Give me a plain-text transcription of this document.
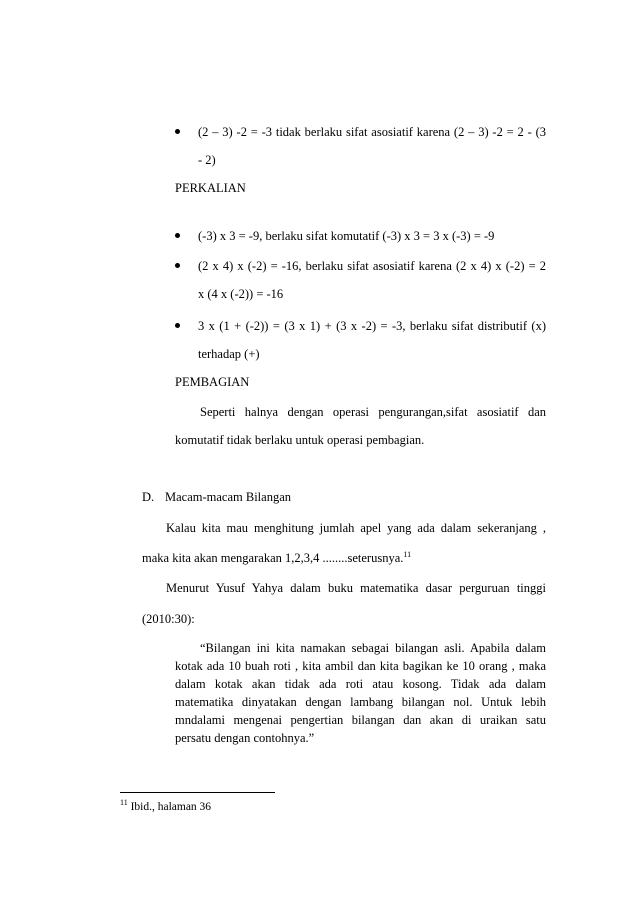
(2 – 3) -2 = -3 tidak berlaku sifat asosiatif karena (2 – 3) -2 = 2 - (3
- 2)
PERKALIAN
(-3) x 3 = -9, berlaku sifat komutatif (-3) x 3 = 3 x (-3) = -9
(2 x 4) x (-2) = -16, berlaku sifat asosiatif karena (2 x 4) x (-2) = 2
x (4 x (-2)) = -16
3 x (1 + (-2)) = (3 x 1) + (3 x -2) = -3, berlaku sifat distributif (x)
terhadap (+)
PEMBAGIAN
Seperti halnya dengan operasi pengurangan,sifat asosiatif dan
komutatif tidak berlaku untuk operasi pembagian.
D. Macam-macam Bilangan
Kalau kita mau menghitung jumlah apel yang ada dalam sekeranjang ,
maka kita akan mengarakan 1,2,3,4 ........seterusnya.$^{11}$
Menurut Yusuf Yahya dalam buku matematika dasar perguruan tinggi
(2010:30):
“Bilangan ini kita namakan sebagai bilangan asli. Apabila dalam
kotak ada 10 buah roti , kita ambil dan kita bagikan ke 10 orang , maka
dalam kotak akan tidak ada roti atau kosong. Tidak ada dalam
matematika dinyatakan dengan lambang bilangan nol. Untuk lebih
mndalami mengenai pengertian bilangan dan akan di uraikan satu
persatu dengan contohnya.”
$^{11}$ Ibid., halaman 36
